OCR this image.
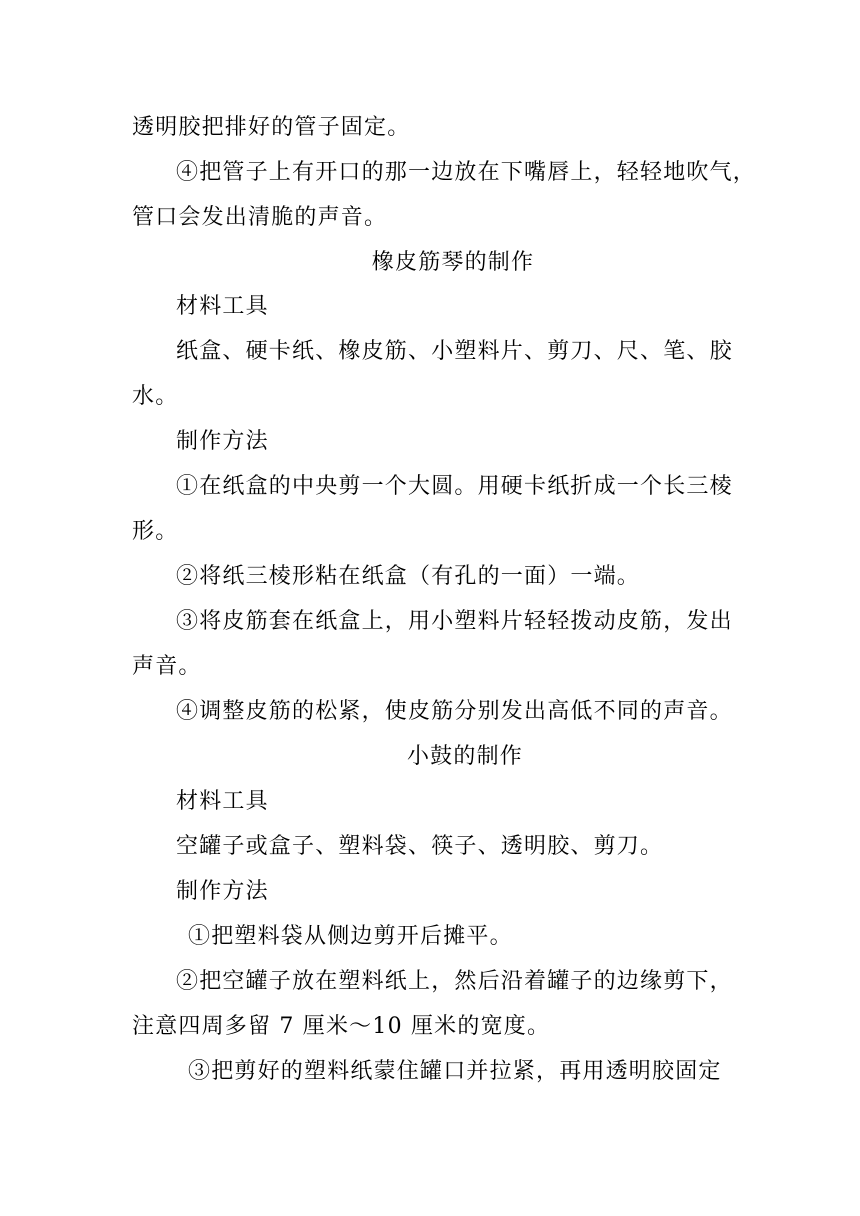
透明胶把排好的管子固定。
④把管子上有开口的那一边放在下嘴唇上，轻轻地吹气，
管口会发出清脆的声音。
橡皮筋琴的制作
材料工具
纸盒、硬卡纸、橡皮筋、小塑料片、剪刀、尺、笔、胶
水。
制作方法
①在纸盒的中央剪一个大圆。用硬卡纸折成一个长三棱
形。
②将纸三棱形粘在纸盒（有孔的一面）一端。
③将皮筋套在纸盒上，用小塑料片轻轻拨动皮筋，发出
声音。
④调整皮筋的松紧，使皮筋分别发出高低不同的声音。
小鼓的制作
材料工具
空罐子或盒子、塑料袋、筷子、透明胶、剪刀。
制作方法
①把塑料袋从侧边剪开后摊平。
②把空罐子放在塑料纸上，然后沿着罐子的边缘剪下，
注意四周多留 7 厘米～10 厘米的宽度。
③把剪好的塑料纸蒙住罐口并拉紧，再用透明胶固定
